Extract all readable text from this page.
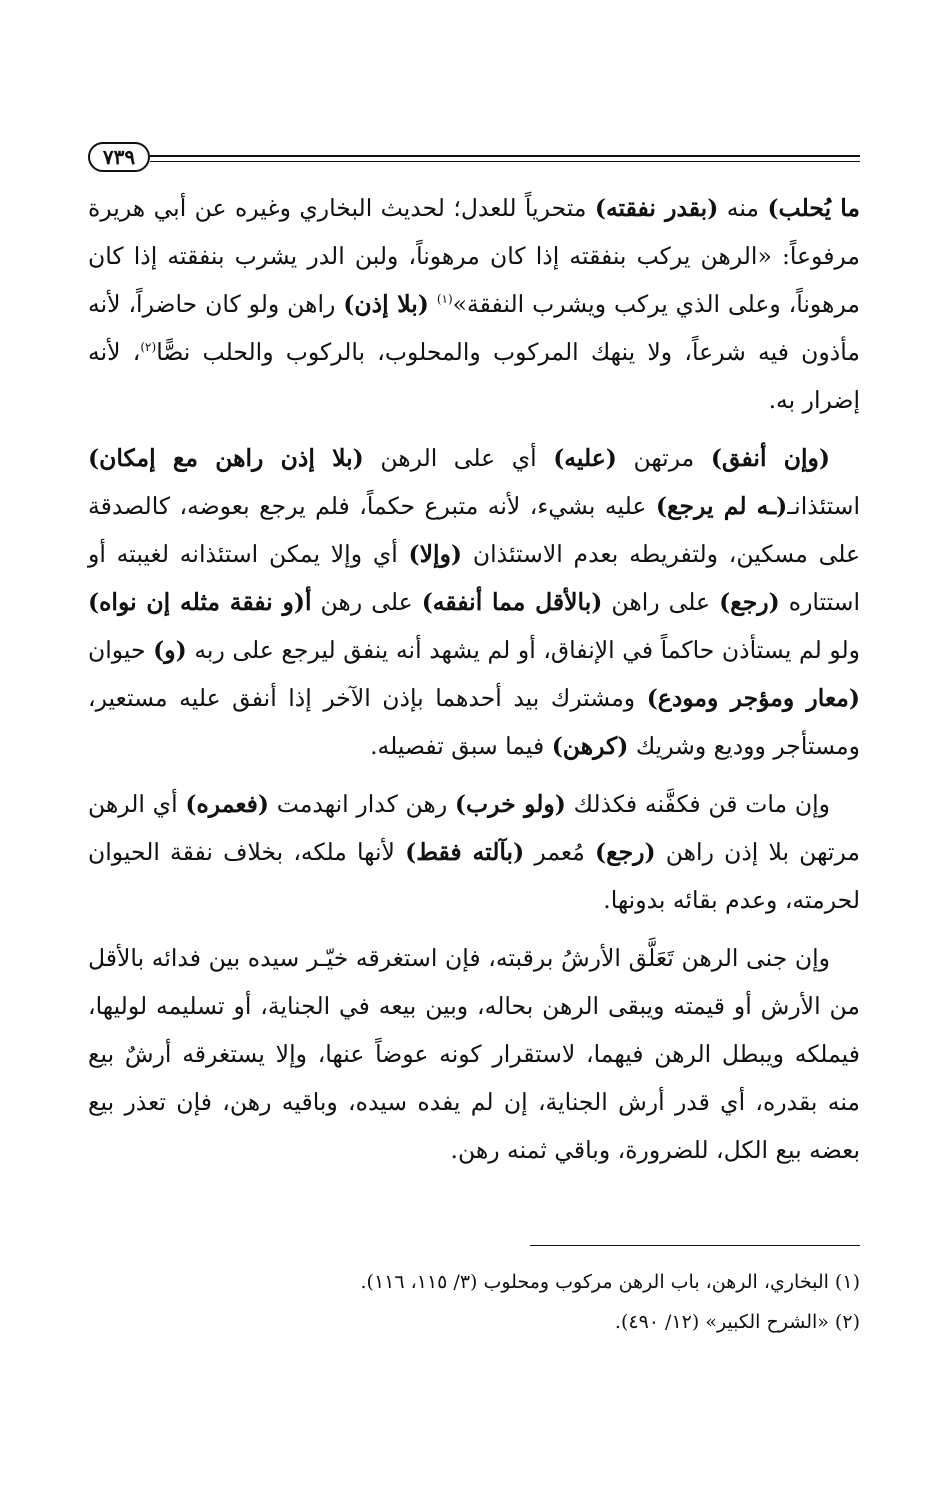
٧٣٩

ما يُحلب) منه (بقدر نفقته) متحرياً للعدل؛ لحديث البخاري وغيره عن أبي هريرة مرفوعاً: «الرهن يركب بنفقته إذا كان مرهوناً، ولبن الدر يشرب بنفقته إذا كان مرهوناً، وعلى الذي يركب ويشرب النفقة»$^{(١)}$ (بلا إذن) راهن ولو كان حاضراً، لأنه مأذون فيه شرعاً، ولا ينهك المركوب والمحلوب، بالركوب والحلب نصًّا$^{(٢)}$، لأنه إضرار به.

(وإن أنفق) مرتهن (عليه) أي على الرهن (بلا إذن راهن مع إمكان) استئذانـ(ـه لم يرجع) عليه بشيء، لأنه متبرع حكماً، فلم يرجع بعوضه، كالصدقة على مسكين، ولتفريطه بعدم الاستئذان (وإلا) أي وإلا يمكن استئذانه لغيبته أو استتاره (رجع) على راهن (بالأقل مما أنفقه) على رهن أ(و نفقة مثله إن نواه) ولو لم يستأذن حاكماً في الإنفاق، أو لم يشهد أنه ينفق ليرجع على ربه (و) حيوان (معار ومؤجر ومودع) ومشترك بيد أحدهما بإذن الآخر إذا أنفق عليه مستعير، ومستأجر ووديع وشريك (كرهن) فيما سبق تفصيله.

وإن مات قن فكفَّنه فكذلك (ولو خرب) رهن كدار انهدمت (فعمره) أي الرهن مرتهن بلا إذن راهن (رجع) مُعمر (بآلته فقط) لأنها ملكه، بخلاف نفقة الحيوان لحرمته، وعدم بقائه بدونها.

وإن جنى الرهن تَعَلَّق الأرشُ برقبته، فإن استغرقه خيّـر سيده بين فدائه بالأقل من الأرش أو قيمته ويبقى الرهن بحاله، وبين بيعه في الجناية، أو تسليمه لوليها، فيملكه ويبطل الرهن فيهما، لاستقرار كونه عوضاً عنها، وإلا يستغرقه أرشٌ بيع منه بقدره، أي قدر أرش الجناية، إن لم يفده سيده، وباقيه رهن، فإن تعذر بيع بعضه بيع الكل، للضرورة، وباقي ثمنه رهن.

(١) البخاري، الرهن، باب الرهن مركوب ومحلوب (٣/ ١١٥، ١١٦).

(٢) «الشرح الكبير» (١٢/ ٤٩٠).
